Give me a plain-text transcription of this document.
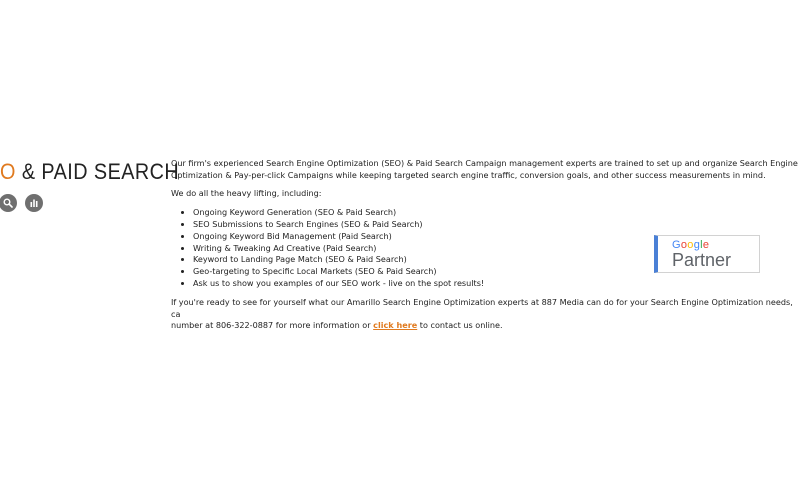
O & PAID SEARCH

Our firm's experienced Search Engine Optimization (SEO) & Paid Search Campaign management experts are trained to set up and organize Search Engine Optimization & Pay-per-click Campaigns while keeping targeted search engine traffic, conversion goals, and other success measurements in mind.

We do all the heavy lifting, including:

• Ongoing Keyword Generation (SEO & Paid Search)
• SEO Submissions to Search Engines (SEO & Paid Search)
• Ongoing Keyword Bid Management (Paid Search)
• Writing & Tweaking Ad Creative (Paid Search)
• Keyword to Landing Page Match (SEO & Paid Search)
• Geo-targeting to Specific Local Markets (SEO & Paid Search)
• Ask us to show you examples of our SEO work - live on the spot results!

If you're ready to see for yourself what our Amarillo Search Engine Optimization experts at 887 Media can do for your Search Engine Optimization needs, ca
number at 806-322-0887 for more information or click here to contact us online.

Google
Partner
